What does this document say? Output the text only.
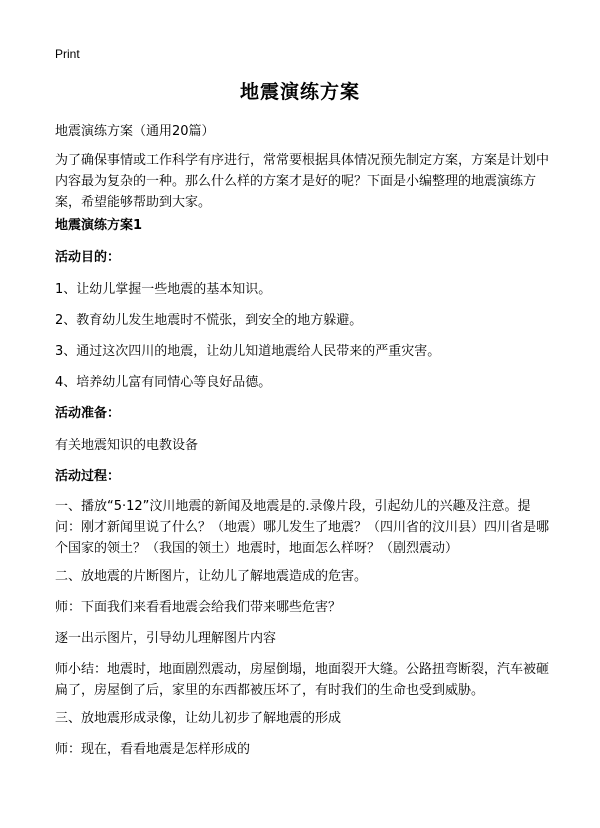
Print
地震演练方案

地震演练方案（通用20篇）

为了确保事情或工作科学有序进行，常常要根据具体情况预先制定方案，方案是计划中内容最为复杂的一种。那么什么样的方案才是好的呢？下面是小编整理的地震演练方案，希望能够帮助到大家。

地震演练方案1

活动目的：

1、让幼儿掌握一些地震的基本知识。

2、教育幼儿发生地震时不慌张，到安全的地方躲避。

3、通过这次四川的地震，让幼儿知道地震给人民带来的严重灾害。

4、培养幼儿富有同情心等良好品德。

活动准备：

有关地震知识的电教设备

活动过程：

一、播放“5·12”汶川地震的新闻及地震是的.录像片段，引起幼儿的兴趣及注意。提问：刚才新闻里说了什么？（地震）哪儿发生了地震？（四川省的汶川县）四川省是哪个国家的领土？（我国的领土）地震时，地面怎么样呀？（剧烈震动）

二、放地震的片断图片，让幼儿了解地震造成的危害。

师：下面我们来看看地震会给我们带来哪些危害？

逐一出示图片，引导幼儿理解图片内容

师小结：地震时，地面剧烈震动，房屋倒塌，地面裂开大缝。公路扭弯断裂，汽车被砸扁了，房屋倒了后，家里的东西都被压坏了，有时我们的生命也受到威胁。

三、放地震形成录像，让幼儿初步了解地震的形成

师：现在，看看地震是怎样形成的
